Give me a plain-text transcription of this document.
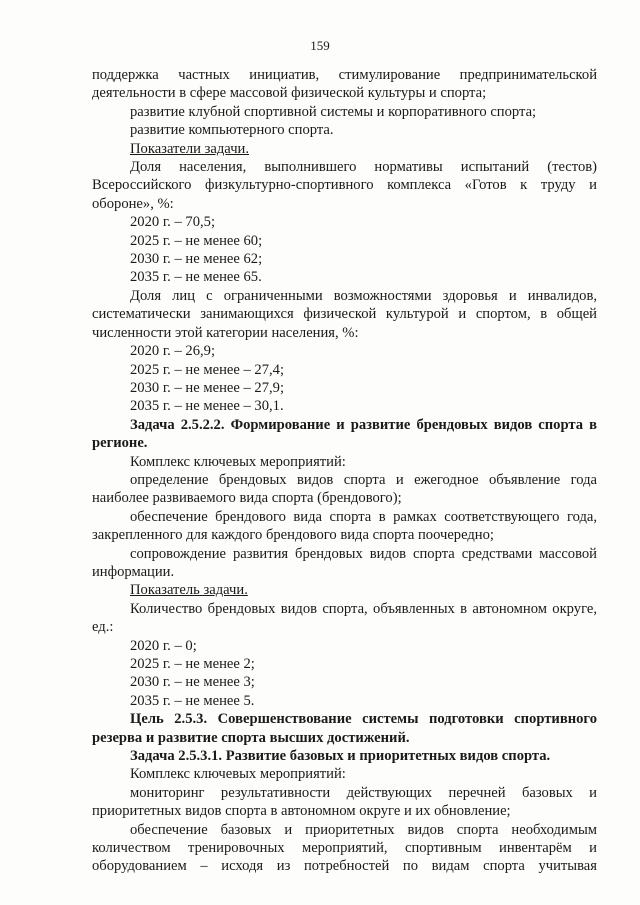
159

поддержка частных инициатив, стимулирование предпринимательской деятельности в сфере массовой физической культуры и спорта;

развитие клубной спортивной системы и корпоративного спорта;

развитие компьютерного спорта.

Показатели задачи.

Доля населения, выполнившего нормативы испытаний (тестов) Всероссийского физкультурно-спортивного комплекса «Готов к труду и обороне», %:

2020 г. – 70,5;

2025 г. – не менее 60;

2030 г. – не менее 62;

2035 г. – не менее 65.

Доля лиц с ограниченными возможностями здоровья и инвалидов, систематически занимающихся физической культурой и спортом, в общей численности этой категории населения, %:

2020 г. – 26,9;

2025 г. – не менее – 27,4;

2030 г. – не менее – 27,9;

2035 г. – не менее – 30,1.

Задача 2.5.2.2. Формирование и развитие брендовых видов спорта в регионе.

Комплекс ключевых мероприятий:

определение брендовых видов спорта и ежегодное объявление года наиболее развиваемого вида спорта (брендового);

обеспечение брендового вида спорта в рамках соответствующего года, закрепленного для каждого брендового вида спорта поочередно;

сопровождение развития брендовых видов спорта средствами массовой информации.

Показатель задачи.

Количество брендовых видов спорта, объявленных в автономном округе, ед.:

2020 г. – 0;

2025 г. – не менее 2;

2030 г. – не менее 3;

2035 г. – не менее 5.

Цель 2.5.3. Совершенствование системы подготовки спортивного резерва и развитие спорта высших достижений.

Задача 2.5.3.1. Развитие базовых и приоритетных видов спорта.

Комплекс ключевых мероприятий:

мониторинг результативности действующих перечней базовых и приоритетных видов спорта в автономном округе и их обновление;

обеспечение базовых и приоритетных видов спорта необходимым количеством тренировочных мероприятий, спортивным инвентарём и оборудованием – исходя из потребностей по видам спорта учитывая
